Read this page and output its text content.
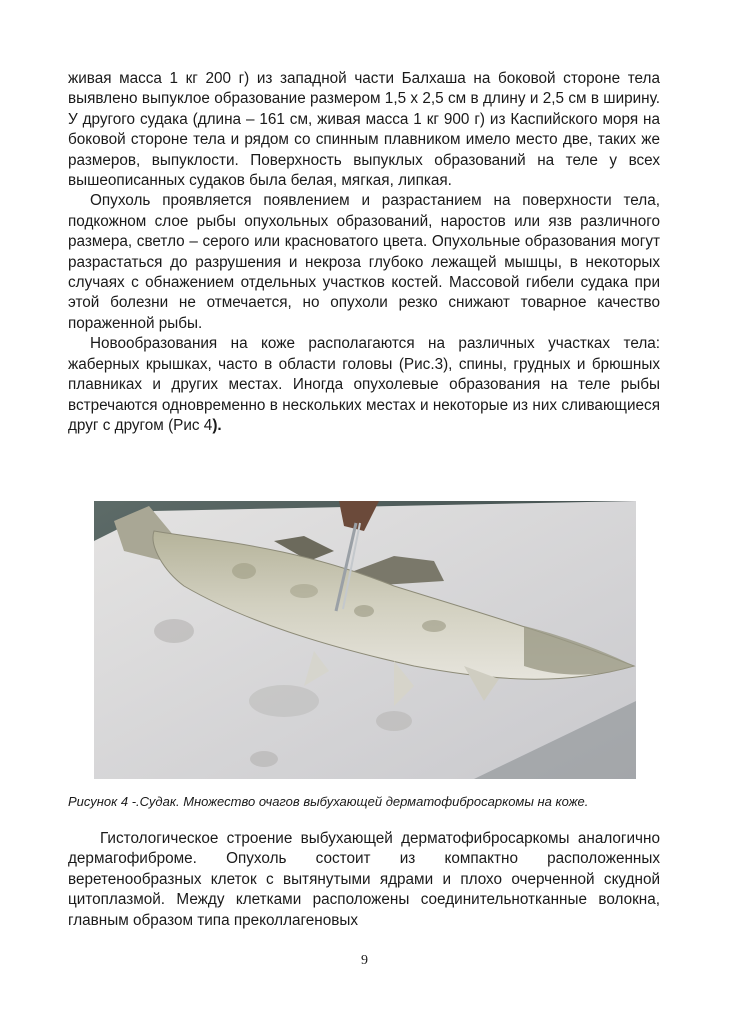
живая масса 1 кг 200 г) из западной части Балхаша на боковой стороне тела выявлено выпуклое образование размером 1,5 х 2,5 см в длину и 2,5 см в ширину. У другого судака (длина – 161 см, живая масса 1 кг 900 г) из Каспийского моря на боковой стороне тела и рядом со спинным плавником имело место две, таких же размеров, выпуклости. Поверхность выпуклых образований на теле у всех вышеописанных судаков была белая, мягкая, липкая.

Опухоль проявляется появлением и разрастанием на поверхности тела, подкожном слое рыбы опухольных образований, наростов или язв различного размера, светло – серого или красноватого цвета. Опухольные образования могут разрастаться до разрушения и некроза глубоко лежащей мышцы, в некоторых случаях с обнажением отдельных участков костей. Массовой гибели судака при этой болезни не отмечается, но опухоли резко снижают товарное качество пораженной рыбы.

Новообразования на коже располагаются на различных участках тела: жаберных крышках, часто в области головы (Рис.3), спины, грудных и брюшных плавниках и других местах. Иногда опухолевые образования на теле рыбы встречаются одновременно в нескольких местах и некоторые из них сливающиеся друг с другом (Рис 4).

Рисунок 4 -.Судак. Множество очагов выбухающей дерматофибросаркомы на коже.

Гистологическое строение выбухающей дерматофибросаркомы аналогично дермагофиброме. Опухоль состоит из компактно расположенных веретенообразных клеток с вытянутыми ядрами и плохо очерченной скудной цитоплазмой. Между клетками расположены соединительнотканные волокна, главным образом типа преколлагеновых

9
